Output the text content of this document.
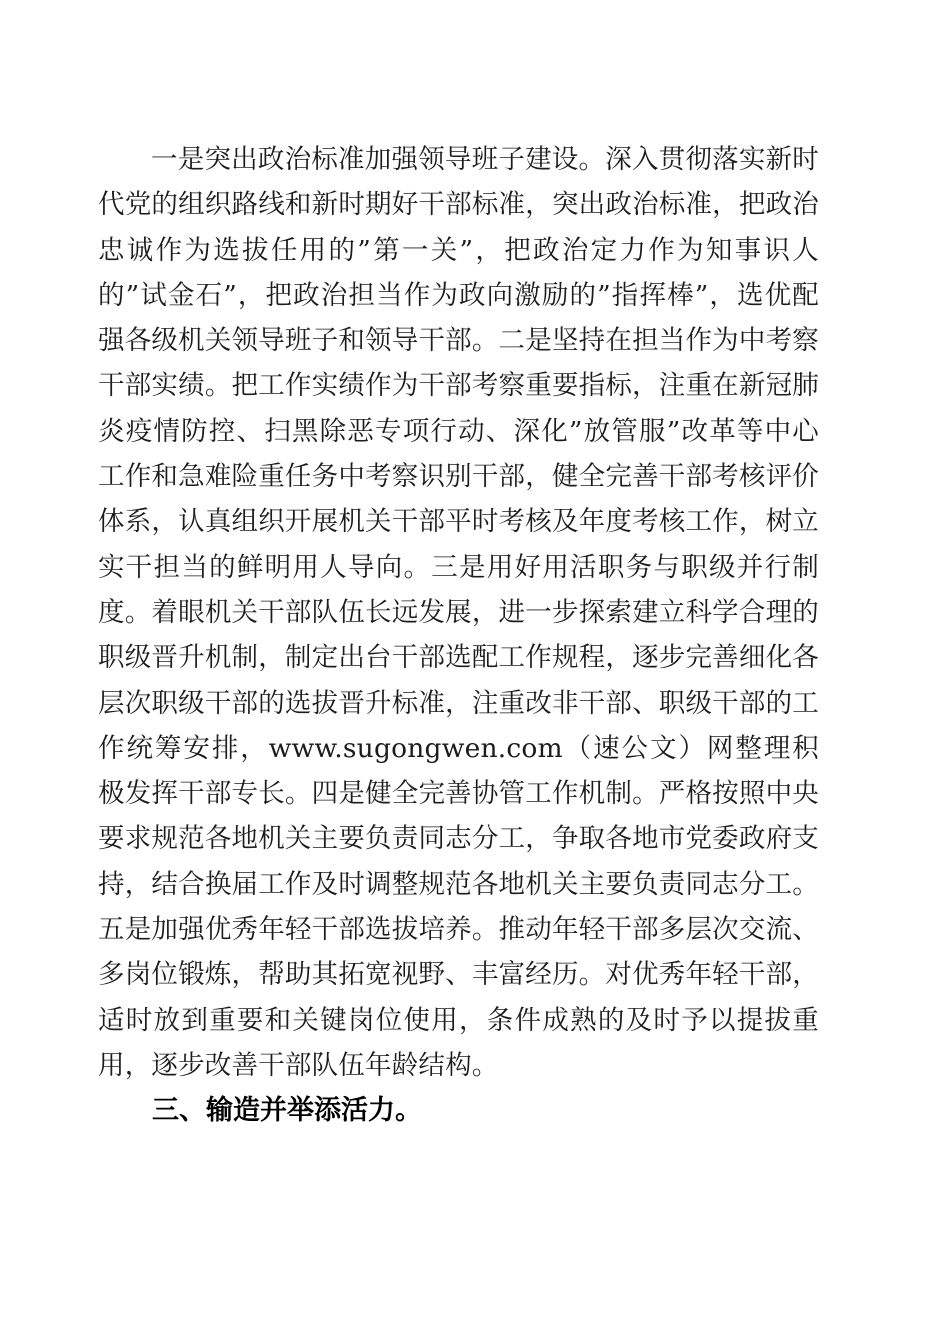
一是突出政治标准加强领导班子建设。深入贯彻落实新时代党的组织路线和新时期好干部标准，突出政治标准，把政治忠诚作为选拔任用的”第一关”，把政治定力作为知事识人的”试金石”，把政治担当作为政向激励的”指挥棒”，选优配强各级机关领导班子和领导干部。二是坚持在担当作为中考察干部实绩。把工作实绩作为干部考察重要指标，注重在新冠肺炎疫情防控、扫黑除恶专项行动、深化”放管服”改革等中心工作和急难险重任务中考察识别干部，健全完善干部考核评价体系，认真组织开展机关干部平时考核及年度考核工作，树立实干担当的鲜明用人导向。三是用好用活职务与职级并行制度。着眼机关干部队伍长远发展，进一步探索建立科学合理的职级晋升机制，制定出台干部选配工作规程，逐步完善细化各层次职级干部的选拔晋升标准，注重改非干部、职级干部的工作统筹安排，www.sugongwen.com（速公文）网整理积极发挥干部专长。四是健全完善协管工作机制。严格按照中央要求规范各地机关主要负责同志分工，争取各地市党委政府支持，结合换届工作及时调整规范各地机关主要负责同志分工。五是加强优秀年轻干部选拔培养。推动年轻干部多层次交流、多岗位锻炼，帮助其拓宽视野、丰富经历。对优秀年轻干部，适时放到重要和关键岗位使用，条件成熟的及时予以提拔重用，逐步改善干部队伍年龄结构。

三、输造并举添活力。
